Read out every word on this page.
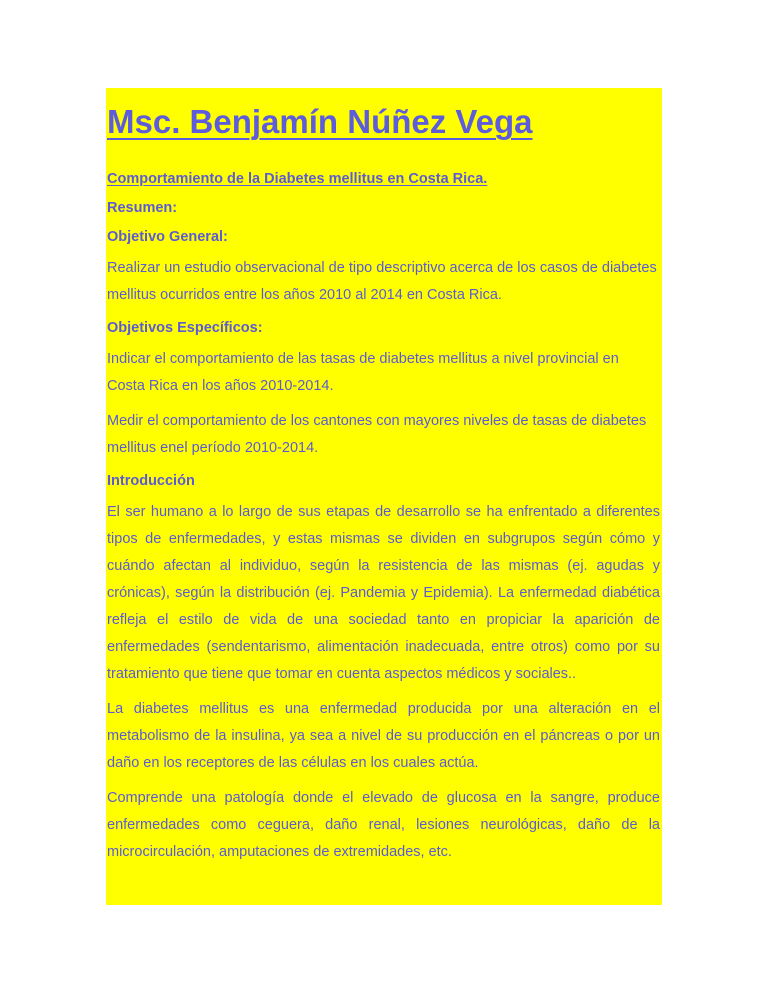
Msc. Benjamín Núñez Vega

Comportamiento de la Diabetes mellitus en Costa Rica.

Resumen:

Objetivo General:

Realizar un estudio observacional de tipo descriptivo acerca de los casos de diabetes mellitus ocurridos entre los años 2010 al 2014 en Costa Rica.

Objetivos Específicos:

Indicar el comportamiento de las tasas de diabetes mellitus a nivel provincial en Costa Rica en los años 2010-2014.

Medir el comportamiento de los cantones con mayores niveles de tasas de diabetes mellitus enel período 2010-2014.

Introducción

El ser humano a lo largo de sus etapas de desarrollo se ha enfrentado a diferentes tipos de enfermedades, y estas mismas se dividen en subgrupos según cómo y cuándo afectan al individuo, según la resistencia de las mismas (ej. agudas y crónicas), según la distribución (ej. Pandemia y Epidemia). La enfermedad diabética refleja el estilo de vida de una sociedad tanto en propiciar la aparición de enfermedades (sendentarismo, alimentación inadecuada, entre otros) como por su tratamiento que tiene que tomar en cuenta aspectos médicos y sociales..

La diabetes mellitus es una enfermedad producida por una alteración en el metabolismo de la insulina, ya sea a nivel de su producción en el páncreas o por un daño en los receptores de las células en los cuales actúa.

Comprende una patología donde el elevado de glucosa en la sangre, produce enfermedades como ceguera, daño renal, lesiones neurológicas, daño de la microcirculación, amputaciones de extremidades, etc.
